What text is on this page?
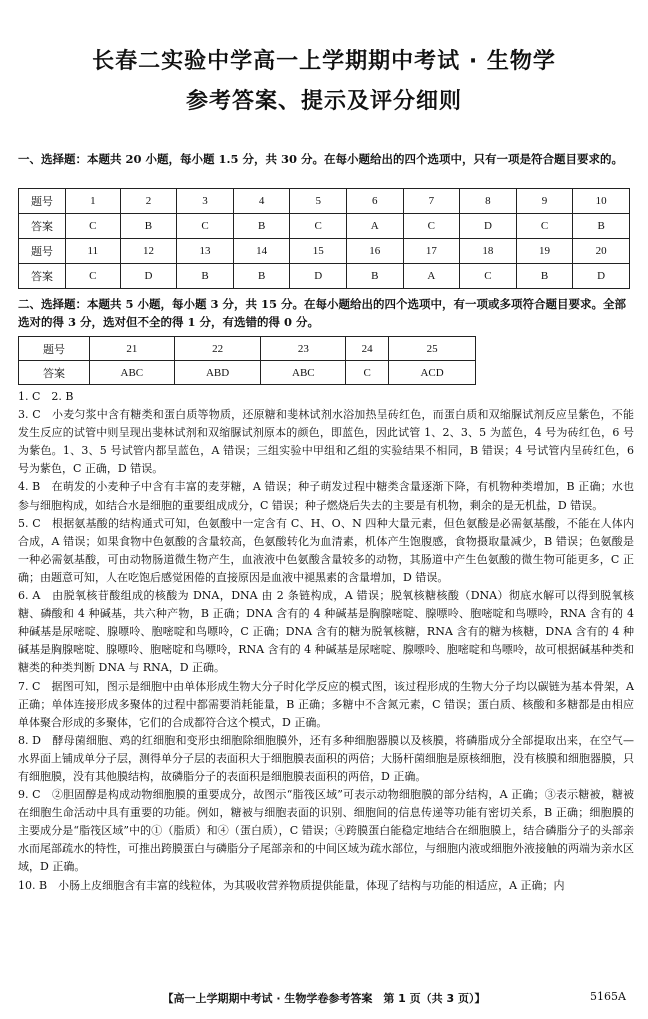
长春二实验中学高一上学期期中考试 · 生物学
参考答案、提示及评分细则
一、选择题：本题共 20 小题，每小题 1.5 分，共 30 分。在每小题给出的四个选项中，只有一项是符合题目要求的。
题号	1	2	3	4	5	6	7	8	9	10
答案	C	B	C	B	C	A	C	D	C	B
题号	11	12	13	14	15	16	17	18	19	20
答案	C	D	B	B	D	B	A	C	B	D
二、选择题：本题共 5 小题，每小题 3 分，共 15 分。在每小题给出的四个选项中，有一项或多项符合题目要求。全部选对的得 3 分，选对但不全的得 1 分，有选错的得 0 分。
题号	21	22	23	24	25
答案	ABC	ABD	ABC	C	ACD

1. C　2. B

3. C　小麦匀浆中含有糖类和蛋白质等物质，还原糖和斐林试剂水浴加热呈砖红色，而蛋白质和双缩脲试剂反应呈紫色，不能发生反应的试管中则呈现出斐林试剂和双缩脲试剂原本的颜色，即蓝色，因此试管 1、2、3、5 为蓝色，4 号为砖红色，6 号为紫色。1、3、5 号试管内都呈蓝色，A 错误；三组实验中甲组和乙组的实验结果不相同，B 错误；4 号试管内呈砖红色，6 号为紫色，C 正确，D 错误。

4. B　在萌发的小麦种子中含有丰富的麦芽糖，A 错误；种子萌发过程中糖类含量逐渐下降，有机物种类增加，B 正确；水也参与细胞构成，如结合水是细胞的重要组成成分，C 错误；种子燃烧后失去的主要是有机物，剩余的是无机盐，D 错误。

5. C　根据氨基酸的结构通式可知，色氨酸中一定含有 C、H、O、N 四种大量元素，但色氨酸是必需氨基酸，不能在人体内合成，A 错误；如果食物中色氨酸的含量较高，色氨酸转化为血清素，机体产生饱腹感，食物摄取量减少，B 错误；色氨酸是一种必需氨基酸，可由动物肠道微生物产生，血液液中色氨酸含量较多的动物，其肠道中产生色氨酸的微生物可能更多，C 正确；由题意可知，人在吃饱后感觉困倦的直接原因是血液中褪黑素的含量增加，D 错误。

6. A　由脱氧核苷酸组成的核酸为 DNA，DNA 由 2 条链构成，A 错误；脱氧核糖核酸（DNA）彻底水解可以得到脱氧核糖、磷酸和 4 种碱基，共六种产物，B 正确；DNA 含有的 4 种碱基是胸腺嘧啶、腺嘌呤、胞嘧啶和鸟嘌呤，RNA 含有的 4 种碱基是尿嘧啶、腺嘌呤、胞嘧啶和鸟嘌呤，C 正确；DNA 含有的糖为脱氧核糖，RNA 含有的糖为核糖，DNA 含有的 4 种碱基是胸腺嘧啶、腺嘌呤、胞嘧啶和鸟嘌呤，RNA 含有的 4 种碱基是尿嘧啶、腺嘌呤、胞嘧啶和鸟嘌呤，故可根据碱基种类和糖类的种类判断 DNA 与 RNA，D 正确。

7. C　据图可知，图示是细胞中由单体形成生物大分子时化学反应的模式图，该过程形成的生物大分子均以碳链为基本骨架，A 正确；单体连接形成多聚体的过程中都需要消耗能量，B 正确；多糖中不含氮元素，C 错误；蛋白质、核酸和多糖都是由相应单体聚合形成的多聚体，它们的合成都符合这个模式，D 正确。

8. D　酵母菌细胞、鸡的红细胞和变形虫细胞除细胞膜外，还有多种细胞器膜以及核膜，将磷脂成分全部提取出来，在空气—水界面上铺成单分子层，测得单分子层的表面积大于细胞膜表面积的两倍；大肠杆菌细胞是原核细胞，没有核膜和细胞器膜，只有细胞膜，没有其他膜结构，故磷脂分子的表面积是细胞膜表面积的两倍，D 正确。

9. C　②胆固醇是构成动物细胞膜的重要成分，故图示“脂筏区域”可表示动物细胞膜的部分结构，A 正确；③表示糖被，糖被在细胞生命活动中具有重要的功能。例如，糖被与细胞表面的识别、细胞间的信息传递等功能有密切关系，B 正确；细胞膜的主要成分是“脂筏区域”中的①（脂质）和④（蛋白质），C 错误；④跨膜蛋白能稳定地结合在细胞膜上，结合磷脂分子的头部亲水而尾部疏水的特性，可推出跨膜蛋白与磷脂分子尾部亲和的中间区域为疏水部位，与细胞内液或细胞外液接触的两端为亲水区域，D 正确。

10. B　小肠上皮细胞含有丰富的线粒体，为其吸收营养物质提供能量，体现了结构与功能的相适应，A 正确；内

【高一上学期期中考试 · 生物学卷参考答案　第 1 页（共 3 页）】	5165A
